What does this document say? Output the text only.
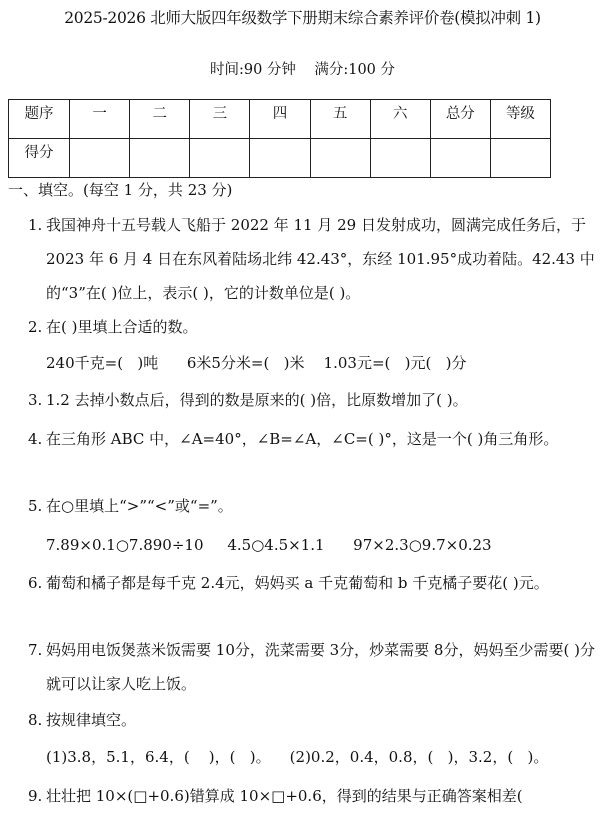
2025-2026 北师大版四年级数学下册期末综合素养评价卷(模拟冲刺 1)
时间:90 分钟    满分:100 分
题序	一	二	三	四	五	六	总分	等级
得分								
一、填空。(每空 1 分，共 23 分)
1. 我国神舟十五号载人飞船于 2022 年 11 月 29 日发射成功，圆满完成任务后，于 2023 年 6 月 4 日在东风着陆场北纬 42.43°，东经 101.95°成功着陆。42.43 中的“3”在( )位上，表示( )，它的计数单位是( )。
2. 在( )里填上合适的数。
240千克=(   )吨      6米5分米=(   )米    1.03元=(   )元(   )分
3. 1.2 去掉小数点后，得到的数是原来的( )倍，比原数增加了( )。
4. 在三角形 ABC 中，∠A=40°，∠B=∠A，∠C=( )°，这是一个( )角三角形。
5. 在○里填上“>”“<”或“=”。
7.89×0.1○7.890÷10     4.5○4.5×1.1      97×2.3○9.7×0.23
6. 葡萄和橘子都是每千克 2.4元，妈妈买 a 千克葡萄和 b 千克橘子要花( )元。
7. 妈妈用电饭煲蒸米饭需要 10分，洗菜需要 3分，炒菜需要 8分，妈妈至少需要( )分就可以让家人吃上饭。
8. 按规律填空。
(1)3.8，5.1，6.4，(    )，(   )。    (2)0.2，0.4，0.8，(   )，3.2，(   )。
9. 壮壮把 10×(□+0.6)错算成 10×□+0.6，得到的结果与正确答案相差(
